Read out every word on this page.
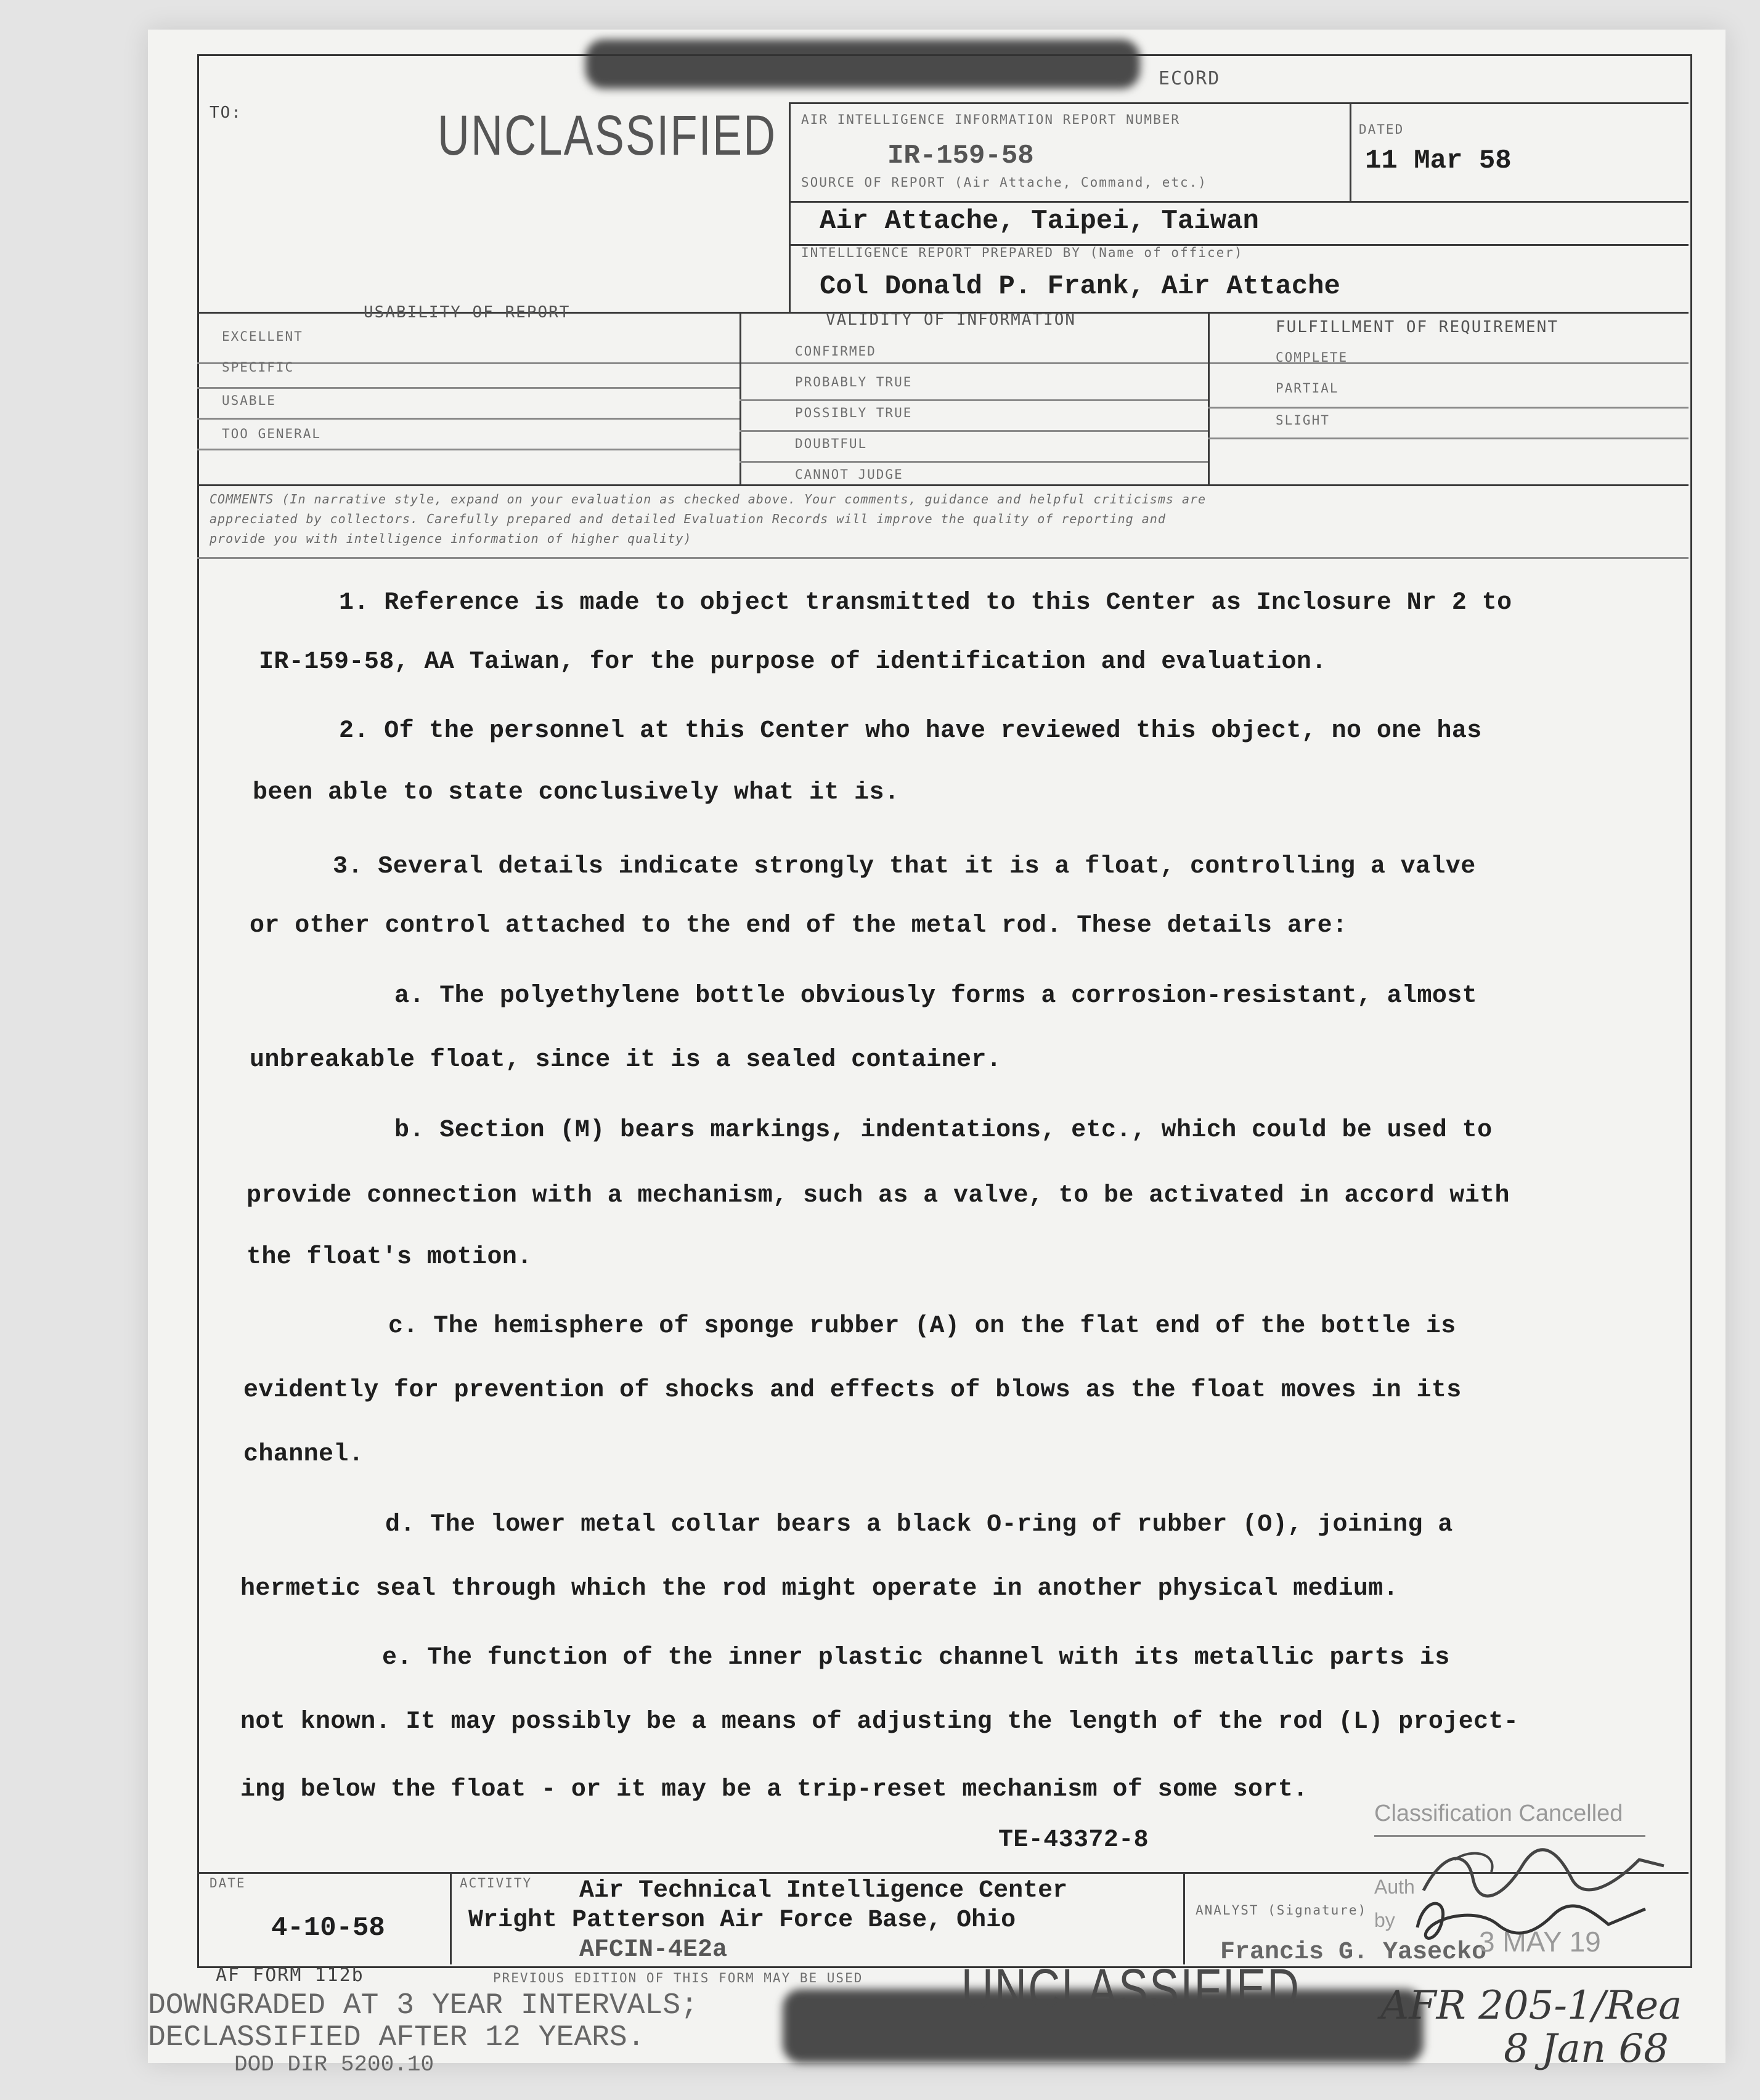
ECORD
TO:	UNCLASSIFIED AIR INTELLIGENCE INFORMATION REPORT NUMBER
IR-159-58
DATED
11 Mar 58
SOURCE OF REPORT (Air Attache, Command, etc.)
Air Attache, Taipei, Taiwan
INTELLIGENCE REPORT PREPARED BY (Name of officer)
Col Donald P. Frank, Air Attache
USABILITY OF REPORT
EXCELLENT
SPECIFIC
USABLE
TOO GENERAL
VALIDITY OF INFORMATION
CONFIRMED
PROBABLY TRUE
POSSIBLY TRUE
DOUBTFUL
CANNOT JUDGE
FULFILLMENT OF REQUIREMENT
COMPLETE
PARTIAL
SLIGHT
COMMENTS (In narrative style, expand on your evaluation as checked above. Your comments, guidance and helpful criticisms are
appreciated by collectors. Carefully prepared and detailed Evaluation Records will improve the quality of reporting and
provide you with intelligence information of higher quality)
1. Reference is made to object transmitted to this Center as Inclosure Nr 2 to
IR-159-58, AA Taiwan, for the purpose of identification and evaluation.
2. Of the personnel at this Center who have reviewed this object, no one has
been able to state conclusively what it is.
3. Several details indicate strongly that it is a float, controlling a valve
or other control attached to the end of the metal rod. These details are:
a. The polyethylene bottle obviously forms a corrosion-resistant, almost
unbreakable float, since it is a sealed container.
b. Section (M) bears markings, indentations, etc., which could be used to
provide connection with a mechanism, such as a valve, to be activated in accord with
the float's motion.
c. The hemisphere of sponge rubber (A) on the flat end of the bottle is
evidently for prevention of shocks and effects of blows as the float moves in its
channel.
d. The lower metal collar bears a black O-ring of rubber (O), joining a
hermetic seal through which the rod might operate in another physical medium.
e. The function of the inner plastic channel with its metallic parts is
not known. It may possibly be a means of adjusting the length of the rod (L) project-
ing below the float - or it may be a trip-reset mechanism of some sort.
TE-43372-8
DATE
4-10-58
ACTIVITY Air Technical Intelligence Center
Wright Patterson Air Force Base, Ohio
AFCIN-4E2a
ANALYST (Signature)
Francis G. Yasecko
Classification Cancelled
Auth
by
3 MAY 19
UNCLASSIFIED
AF FORM 112b	PREVIOUS EDITION OF THIS FORM MAY BE USED
DOWNGRADED AT 3 YEAR INTERVALS;
DECLASSIFIED AFTER 12 YEARS.
DOD DIR 5200.10
AFR 205-1/Rea
8 Jan 68
